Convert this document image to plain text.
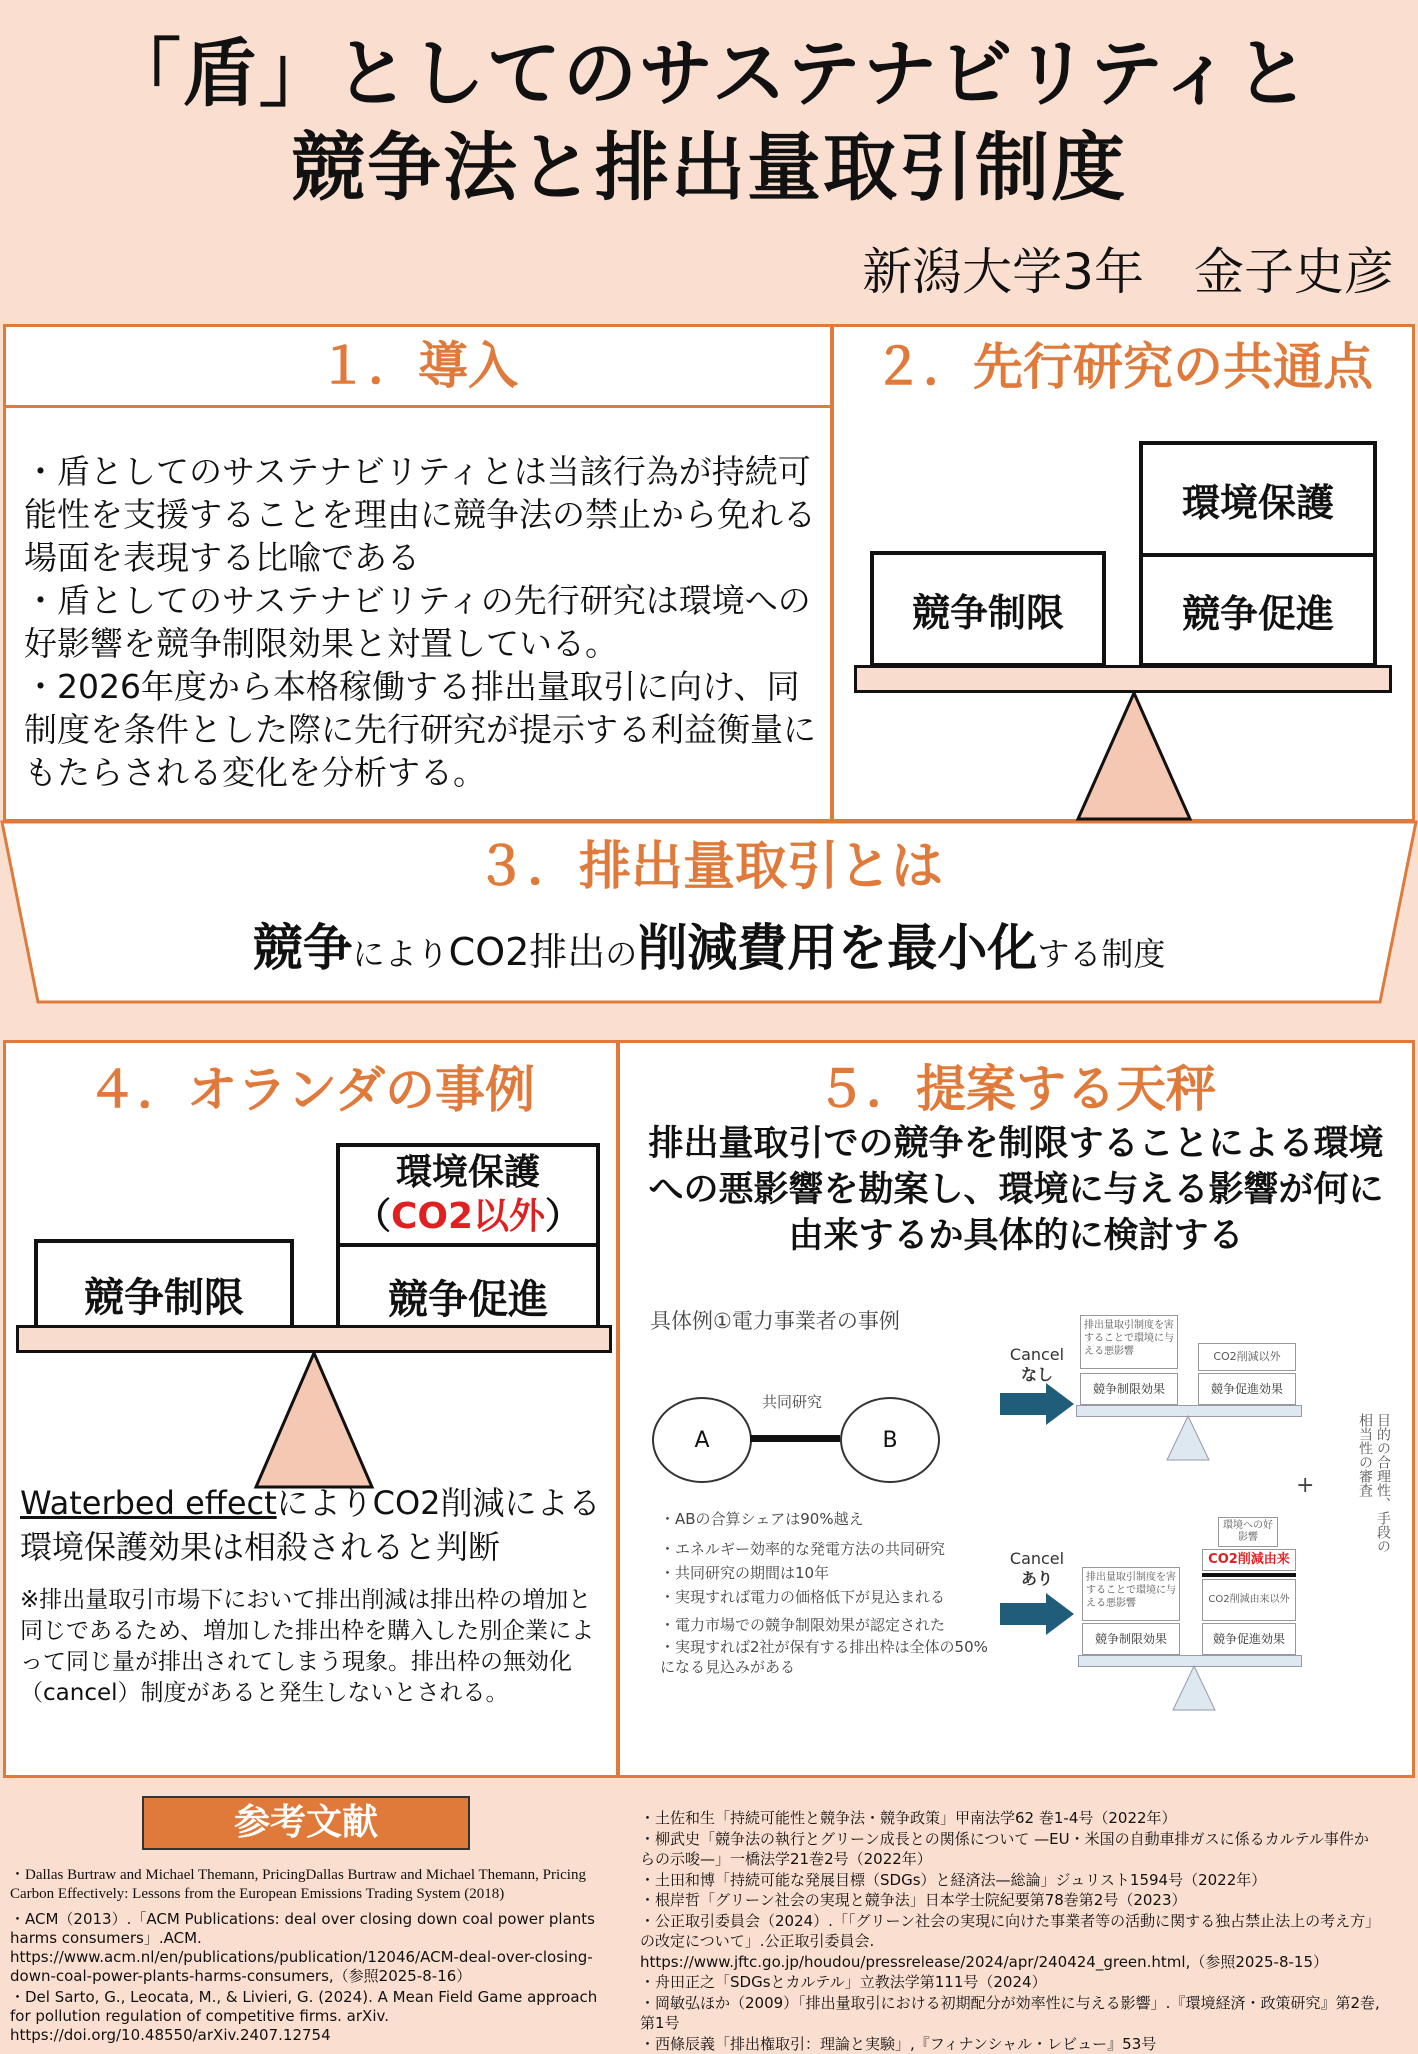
「盾」としてのサステナビリティと
競争法と排出量取引制度
新潟大学3年　金子史彦
１．導入
・盾としてのサステナビリティとは当該行為が持続可能性を支援することを理由に競争法の禁止から免れる場面を表現する比喩である
・盾としてのサステナビリティの先行研究は環境への好影響を競争制限効果と対置している。
・2026年度から本格稼働する排出量取引に向け、同制度を条件とした際に先行研究が提示する利益衡量にもたらされる変化を分析する。
２．先行研究の共通点
競争制限
環境保護
競争促進
３．排出量取引とは
競争によりCO2排出の削減費用を最小化する制度
４．オランダの事例
競争制限
環境保護
（CO2以外）
競争促進
Waterbed effectによりCO2削減による環境保護効果は相殺されると判断
※排出量取引市場下において排出削減は排出枠の増加と同じであるため、増加した排出枠を購入した別企業によって同じ量が排出されてしまう現象。排出枠の無効化（cancel）制度があると発生しないとされる。
５．提案する天秤
排出量取引での競争を制限することによる環境への悪影響を勘案し、環境に与える影響が何に由来するか具体的に検討する
具体例①電力事業者の事例
A	B
共同研究
・ABの合算シェアは90%越え
・エネルギー効率的な発電方法の共同研究
・共同研究の期間は10年
・実現すれば電力の価格低下が見込まれる
・電力市場での競争制限効果が認定された
・実現すれば2社が保有する排出枠は全体の50%になる見込みがある
Cancel
なし
排出量取引制度を害することで環境に与える悪影響
競争制限効果
CO2削減以外
競争促進効果
+	目的の合理性、手段の相当性の審査
Cancel
あり	排出量取引制度を害することで環境に与える悪影響
競争制限効果
環境への好影響
CO2削減由来
CO2削減由来以外
競争促進効果
参考文献
・Dallas Burtraw and Michael Themann, PricingDallas Burtraw and Michael Themann, Pricing Carbon Effectively: Lessons from the European Emissions Trading System (2018)
・ACM（2013）.「ACM Publications: deal over closing down coal power plants harms consumers」.ACM. https://www.acm.nl/en/publications/publication/12046/ACM-deal-over-closing-down-coal-power-plants-harms-consumers,（参照2025-8-16）
・Del Sarto, G., Leocata, M., & Livieri, G. (2024). A Mean Field Game approach for pollution regulation of competitive firms. arXiv. https://doi.org/10.48550/arXiv.2407.12754
・土佐和生「持続可能性と競争法・競争政策」甲南法学62 巻1-4号（2022年）
・柳武史「競争法の執行とグリーン成長との関係について —EU・米国の自動車排ガスに係るカルテル事件からの示唆—」一橋法学21巻2号（2022年）
・土田和博「持続可能な発展目標（SDGs）と経済法—総論」ジュリスト1594号（2022年）
・根岸哲「グリーン社会の実現と競争法」日本学士院紀要第78巻第2号（2023）
・公正取引委員会（2024）.「「グリーン社会の実現に向けた事業者等の活動に関する独占禁止法上の考え方」の改定について」.公正取引委員会. https://www.jftc.go.jp/houdou/pressrelease/2024/apr/240424_green.html,（参照2025-8-15）
・舟田正之「SDGsとカルテル」立教法学第111号（2024）
・岡敏弘ほか（2009）「排出量取引における初期配分が効率性に与える影響」.『環境経済・政策研究』第2巻,第1号
・西條辰義「排出権取引：理論と実験」,『フィナンシャル・レビュー』53号
